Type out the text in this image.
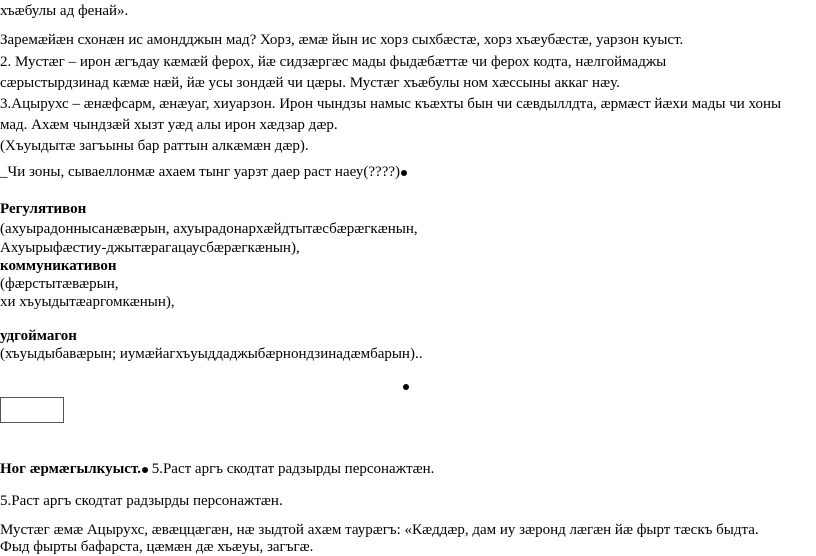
хъæбулы ад фенай».
Заремæйæн схонæн ис амондджын мад? Хорз, æмæ йын ис хорз сыхбæстæ, хорз хъæубæстæ, уарзон куыст.
2. Мустæг – ирон æгъдау кæмæй ферох, йæ сидзæргæс мады фыдæбæттæ чи ферох кодта, нæлгоймаджы
сæрыстырдзинад кæмæ нæй, йæ усы зондæй чи цæры. Мустæг хъæбулы ном хæссыны аккаг нæу.
3.Ацырухс – æнæфсарм, æнæуаг, хиуарзон. Ирон чындзы намыс къæхты бын чи сæвдыллдта, æрмæст йæхи мады чи хоны
мад. Ахæм чындзæй хызт уæд алы ирон хæдзар дæр.
(Хъуыдытæ загъыны бар раттын алкæмæн дæр).
_Чи зоны, сываеллонмæ ахаем тынг уарзт даер раст наеу(????)
Регулятивон
(ахуырадоннысанæвæрын, ахуырадонархæйдтытæсбæрæгкæнын,
Ахуырыфæстиу-джытæрагацаусбæрæгкæнын),
коммуникативон
(фæрстытæвæрын,
хи хъуыдытæаргомкæнын),
удгоймагон
(хъуыдыбавæрын; иумæйагхъуыддаджыбæрнондзинадæмбарын)..
Ног æрмæгылкуыст. 5.Раст аргъ скодтат радзырды персонажтæн.
5.Раст аргъ скодтат радзырды персонажтæн.
Мустæг æмæ Ацырухс, æвæццæгæн, нæ зыдтой ахæм таурæгъ: «Кæддæр, дам иу зæронд лæгæн йæ фырт тæскъ быдта.
Фыд фырты бафарста, цæмæн дæ хъæуы, загъгæ.
